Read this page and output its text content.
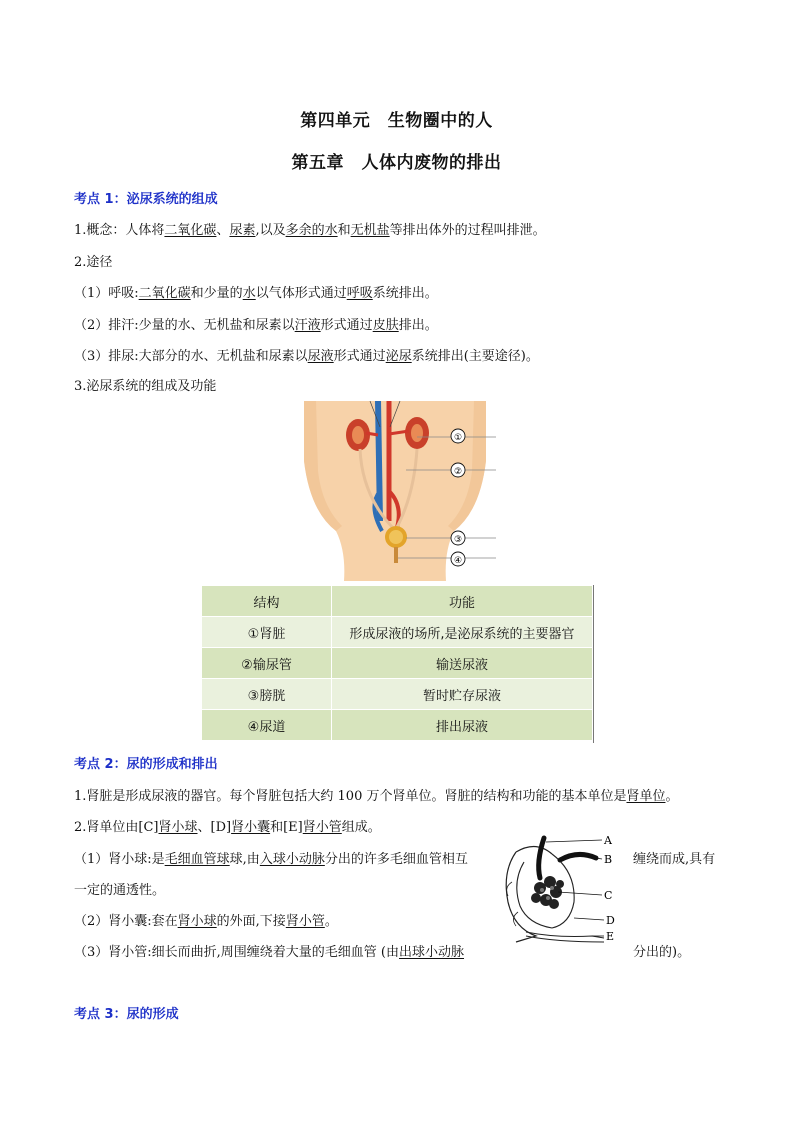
第四单元　生物圈中的人
第五章　人体内废物的排出
考点 1：泌尿系统的组成
1.概念：人体将二氧化碳、尿素,以及多余的水和无机盐等排出体外的过程叫排泄。
2.途径
（1）呼吸:二氧化碳和少量的水以气体形式通过呼吸系统排出。
（2）排汗:少量的水、无机盐和尿素以汗液形式通过皮肤排出。
（3）排尿:大部分的水、无机盐和尿素以尿液形式通过泌尿系统排出(主要途径)。
3.泌尿系统的组成及功能
①
②
③
④
结构	功能
①肾脏	形成尿液的场所,是泌尿系统的主要器官
②输尿管	输送尿液
③膀胱	暂时贮存尿液
④尿道	排出尿液
考点 2：尿的形成和排出
1.肾脏是形成尿液的器官。每个肾脏包括大约 100 万个肾单位。肾脏的结构和功能的基本单位是肾单位。
2.肾单位由[C]肾小球、[D]肾小囊和[E]肾小管组成。
（1）肾小球:是毛细血管球球,由入球小动脉分出的许多毛细血管相互	缠绕而成,具有
一定的通透性。
（2）肾小囊:套在肾小球的外面,下接肾小管。
（3）肾小管:细长而曲折,周围缠绕着大量的毛细血管 (由出球小动脉	分出的)。
A
B
C
D
E
考点 3：尿的形成
